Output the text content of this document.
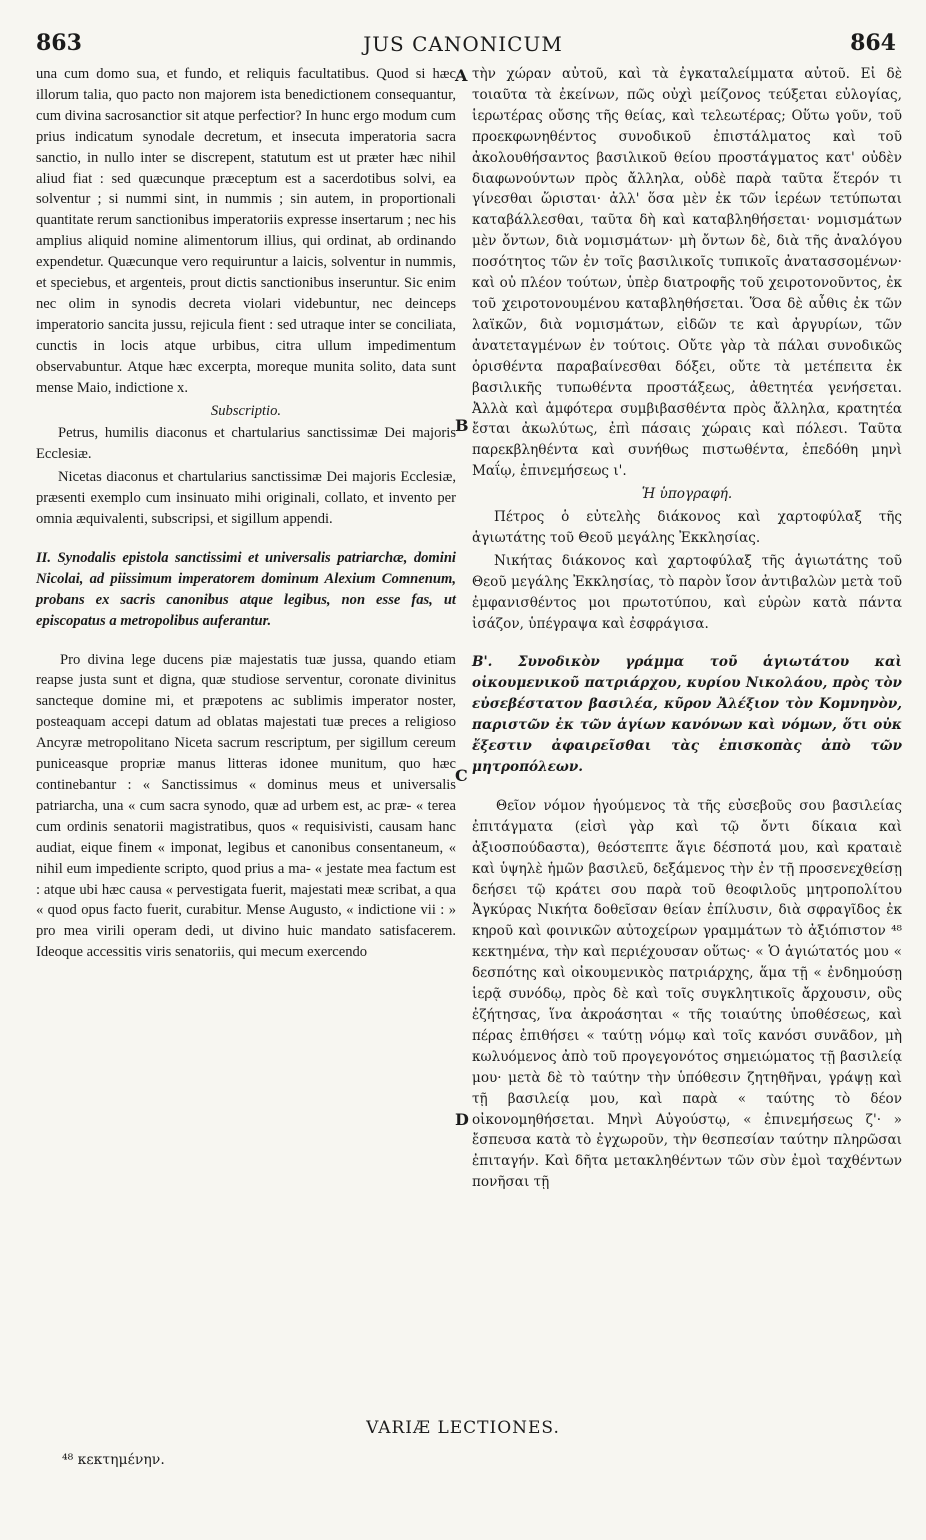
863	JUS CANONICUM	864

una cum domo sua, et fundo, et reliquis facultatibus. Quod si hæc illorum talia, quo pacto non majorem ista benedictionem consequantur, cum divina sacrosanctior sit atque perfectior? In hunc ergo modum cum prius indicatum synodale decretum, et insecuta imperatoria sacra sanctio, in nullo inter se discrepent, statutum est ut præter hæc nihil aliud fiat : sed quæcunque præceptum est a sacerdotibus solvi, ea solventur ; si nummi sint, in nummis ; sin autem, in proportionali quantitate rerum sanctionibus imperatoriis expresse insertarum ; nec his amplius aliquid nomine alimentorum illius, qui ordinat, ab ordinando expendetur. Quæcunque vero requiruntur a laicis, solventur in nummis, et speciebus, et argenteis, prout dictis sanctionibus inseruntur. Sic enim nec olim in synodis decreta violari videbuntur, nec deinceps imperatorio sancita jussu, rejicula fient : sed utraque inter se conciliata, cunctis in locis atque urbibus, citra ullum impedimentum observabuntur. Atque hæc excerpta, moreque munita solito, data sunt mense Maio, indictione x.

Subscriptio.

Petrus, humilis diaconus et chartularius sanctissimæ Dei majoris Ecclesiæ.

Nicetas diaconus et chartularius sanctissimæ Dei majoris Ecclesiæ, præsenti exemplo cum insinuato mihi originali, collato, et invento per omnia æquivalenti, subscripsi, et sigillum appendi.

II. Synodalis epistola sanctissimi et universalis patriarchæ, domini Nicolai, ad piissimum imperatorem dominum Alexium Comnenum, probans ex sacris canonibus atque legibus, non esse fas, ut episcopatus a metropolibus auferantur.

Pro divina lege ducens piæ majestatis tuæ jussa, quando etiam reapse justa sunt et digna, quæ studiose serventur, coronate divinitus sancteque domine mi, et præpotens ac sublimis imperator noster, posteaquam accepi datum ad oblatas majestati tuæ preces a religioso Ancyræ metropolitano Niceta sacrum rescriptum, per sigillum cereum puniceasque propriæ manus litteras idonee munitum, quo hæc continebantur : « Sanctissimus « dominus meus et universalis patriarcha, una « cum sacra synodo, quæ ad urbem est, ac præ- « terea cum ordinis senatorii magistratibus, quos « requisivisti, causam hanc audiat, eique finem « imponat, legibus et canonibus consentaneum, « nihil eum impediente scripto, quod prius a ma- « jestate mea factum est : atque ubi hæc causa « pervestigata fuerit, majestati meæ scribat, a qua « quod opus facto fuerit, curabitur. Mense Augusto, « indictione vii : » pro mea virili operam dedi, ut divino huic mandato satisfacerem. Ideoque accessitis viris senatoriis, qui mecum exercendo

τὴν χώραν αὐτοῦ, καὶ τὰ ἐγκαταλείμματα αὐτοῦ. Εἰ δὲ τοιαῦτα τὰ ἐκείνων, πῶς οὐχὶ μείζονος τεύξεται εὐλογίας, ἱερωτέρας οὔσης τῆς θείας, καὶ τελεωτέρας; Οὕτω γοῦν, τοῦ προεκφωνηθέντος συνοδικοῦ ἐπιστάλματος καὶ τοῦ ἀκολουθήσαντος βασιλικοῦ θείου προστάγματος κατ' οὐδὲν διαφωνούντων πρὸς ἄλληλα, οὐδὲ παρὰ ταῦτα ἕτερόν τι γίνεσθαι ὥρισται· ἀλλ' ὅσα μὲν ἐκ τῶν ἱερέων τετύπωται καταβάλλεσθαι, ταῦτα δὴ καὶ καταβληθήσεται· νομισμάτων μὲν ὄντων, διὰ νομισμάτων· μὴ ὄντων δὲ, διὰ τῆς ἀναλόγου ποσότητος τῶν ἐν τοῖς βασιλικοῖς τυπικοῖς ἀνατασσομένων· καὶ οὐ πλέον τούτων, ὑπὲρ διατροφῆς τοῦ χειροτονοῦντος, ἐκ τοῦ χειροτονουμένου καταβληθήσεται. Ὅσα δὲ αὖθις ἐκ τῶν λαϊκῶν, διὰ νομισμάτων, εἰδῶν τε καὶ ἀργυρίων, τῶν ἀνατεταγμένων ἐν τούτοις. Οὔτε γὰρ τὰ πάλαι συνοδικῶς ὁρισθέντα παραβαίνεσθαι δόξει, οὔτε τὰ μετέπειτα ἐκ βασιλικῆς τυπωθέντα προστάξεως, ἀθετητέα γενήσεται. Ἀλλὰ καὶ ἀμφότερα συμβιβασθέντα πρὸς ἄλληλα, κρατητέα ἔσται ἀκωλύτως, ἐπὶ πάσαις χώραις καὶ πόλεσι. Ταῦτα παρεκβληθέντα καὶ συνήθως πιστωθέντα, ἐπεδόθη μηνὶ Μαΐῳ, ἐπινεμήσεως ι'.

Ἡ ὑπογραφή.

Πέτρος ὁ εὐτελὴς διάκονος καὶ χαρτοφύλαξ τῆς ἁγιωτάτης τοῦ Θεοῦ μεγάλης Ἐκκλησίας.

Νικήτας διάκονος καὶ χαρτοφύλαξ τῆς ἁγιωτάτης τοῦ Θεοῦ μεγάλης Ἐκκλησίας, τὸ παρὸν ἴσον ἀντιβαλὼν μετὰ τοῦ ἐμφανισθέντος μοι πρωτοτύπου, καὶ εὑρὼν κατὰ πάντα ἰσάζον, ὑπέγραψα καὶ ἐσφράγισα.

Β'. Συνοδικὸν γράμμα τοῦ ἁγιωτάτου καὶ οἰκουμενικοῦ πατριάρχου, κυρίου Νικολάου, πρὸς τὸν εὐσεβέστατον βασιλέα, κῦρον Ἀλέξιον τὸν Κομνηνὸν, παριστῶν ἐκ τῶν ἁγίων κανόνων καὶ νόμων, ὅτι οὐκ ἔξεστιν ἀφαιρεῖσθαι τὰς ἐπισκοπὰς ἀπὸ τῶν μητροπόλεων.

Θεῖον νόμον ἡγούμενος τὰ τῆς εὐσεβοῦς σου βασιλείας ἐπιτάγματα (εἰσὶ γὰρ καὶ τῷ ὄντι δίκαια καὶ ἀξιοσπούδαστα), θεόστεπτε ἅγιε δέσποτά μου, καὶ κραταιὲ καὶ ὑψηλὲ ἡμῶν βασιλεῦ, δεξάμενος τὴν ἐν τῇ προσενεχθείσῃ δεήσει τῷ κράτει σου παρὰ τοῦ θεοφιλοῦς μητροπολίτου Ἀγκύρας Νικήτα δοθεῖσαν θείαν ἐπίλυσιν, διὰ σφραγῖδος ἐκ κηροῦ καὶ φοινικῶν αὐτοχείρων γραμμάτων τὸ ἀξιόπιστον ⁴⁸ κεκτημένα, τὴν καὶ περιέχουσαν οὕτως· « Ὁ ἁγιώτατός μου « δεσπότης καὶ οἰκουμενικὸς πατριάρχης, ἅμα τῇ « ἐνδημούσῃ ἱερᾷ συνόδῳ, πρὸς δὲ καὶ τοῖς συγκλητικοῖς ἄρχουσιν, οὓς ἐζήτησας, ἵνα ἀκροάσηται « τῆς τοιαύτης ὑποθέσεως, καὶ πέρας ἐπιθήσει « ταύτῃ νόμῳ καὶ τοῖς κανόσι συνᾶδον, μὴ κωλυόμενος ἀπὸ τοῦ προγεγονότος σημειώματος τῇ βασιλείᾳ μου· μετὰ δὲ τὸ ταύτην τὴν ὑπόθεσιν ζητηθῆναι, γράψῃ καὶ τῇ βασιλείᾳ μου, καὶ παρὰ « ταύτης τὸ δέον οἰκονομηθήσεται. Μηνὶ Αὐγούστῳ, « ἐπινεμήσεως ζ'· » ἔσπευσα κατὰ τὸ ἐγχωροῦν, τὴν θεσπεσίαν ταύτην πληρῶσαι ἐπιταγήν. Καὶ δῆτα μετακληθέντων τῶν σὺν ἐμοὶ ταχθέντων πονῆσαι τῇ

A
B
C
D
VARIÆ LECTIONES.
⁴⁸ κεκτημένην.
